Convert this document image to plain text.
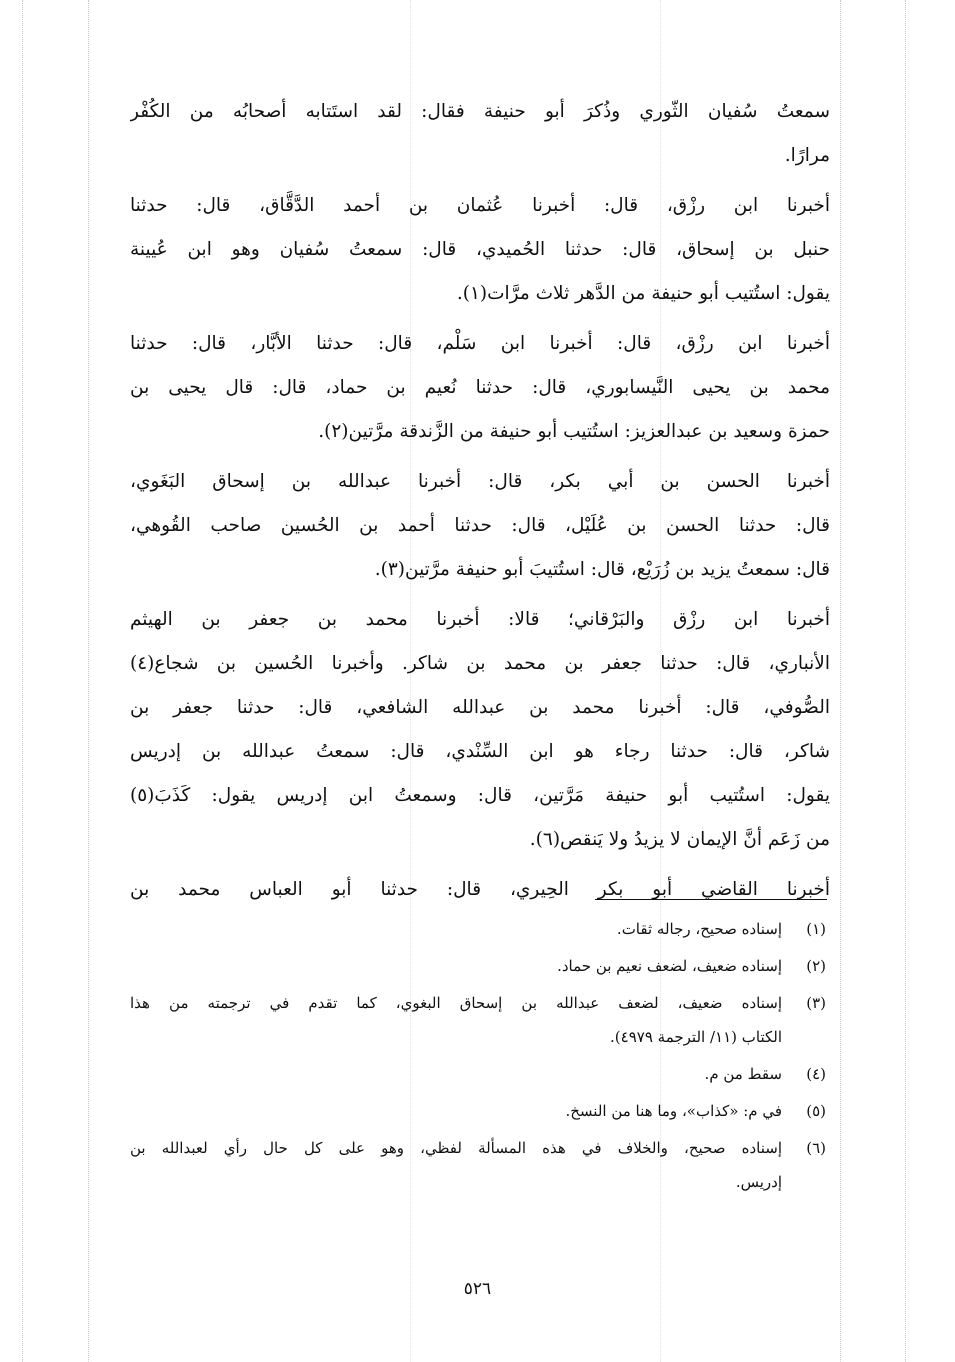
سمعتُ سُفيان الثّوري وذُكرَ أبو حنيفة فقال: لقد استَتابه أصحابُه من الكُفْر
مرارًا.

أخبرنا ابن رزْق، قال: أخبرنا عُثمان بن أحمد الدَّقَّاق، قال: حدثنا
حنبل بن إسحاق، قال: حدثنا الحُميدي، قال: سمعتُ سُفيان وهو ابن عُيينة
يقول: استُتيب أبو حنيفة من الدَّهر ثلاث مرَّات(١).

أخبرنا ابن رزْق، قال: أخبرنا ابن سَلْم، قال: حدثنا الأبَّار، قال: حدثنا
محمد بن يحيى النَّيسابوري، قال: حدثنا نُعيم بن حماد، قال: قال يحيى بن
حمزة وسعيد بن عبدالعزيز: استُتيب أبو حنيفة من الزَّندقة مرَّتين(٢).

أخبرنا الحسن بن أبي بكر، قال: أخبرنا عبدالله بن إسحاق البَغَوي،
قال: حدثنا الحسن بن عُلَيْل، قال: حدثنا أحمد بن الحُسين صاحب القُوهي،
قال: سمعتُ يزيد بن زُرَيْع، قال: استُتيبَ أبو حنيفة مرَّتين(٣).

أخبرنا ابن رزْق والبَرْقاني؛ قالا: أخبرنا محمد بن جعفر بن الهيثم
الأنباري، قال: حدثنا جعفر بن محمد بن شاكر. وأخبرنا الحُسين بن شجاع(٤)
الصُّوفي، قال: أخبرنا محمد بن عبدالله الشافعي، قال: حدثنا جعفر بن
شاكر، قال: حدثنا رجاء هو ابن السِّنْدي، قال: سمعتُ عبدالله بن إدريس
يقول: استُتيب أبو حنيفة مَرَّتين، قال: وسمعتُ ابن إدريس يقول: كَذَبَ(٥)
من زَعَم أنَّ الإيمان لا يزيدُ ولا يَنقص(٦).

أخبرنا القاضي أبو بكر الحِيري، قال: حدثنا أبو العباس محمد بن

(١)
إسناده صحيح، رجاله ثقات.
(٢)
إسناده ضعيف، لضعف نعيم بن حماد.
(٣)
إسناده ضعيف، لضعف عبدالله بن إسحاق البغوي، كما تقدم في ترجمته من هذا
الكتاب (١١/ الترجمة ٤٩٧٩).
(٤)
سقط من م.
(٥)
في م: «كذاب»، وما هنا من النسخ.
(٦)
إسناده صحيح، والخلاف في هذه المسألة لفظي، وهو على كل حال رأي لعبدالله بن
إدريس.
٥٢٦
